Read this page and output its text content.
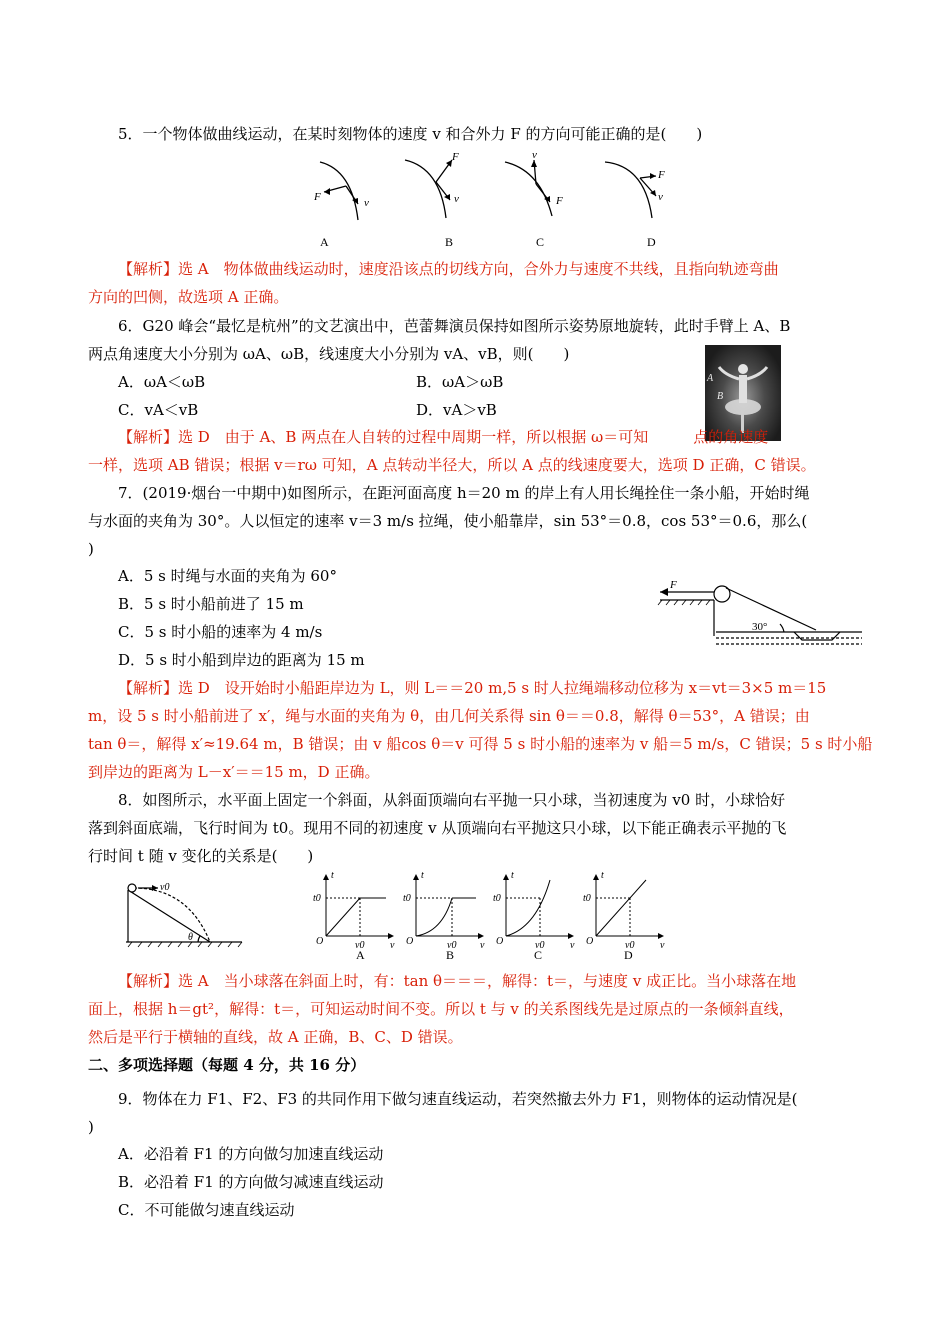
5．一个物体做曲线运动，在某时刻物体的速度 v 和合外力 F 的方向可能正确的是(　　)
F	v
F
v	F
v
F
v
A	B	C	D
【解析】选 A　物体做曲线运动时，速度沿该点的切线方向，合外力与速度不共线，且指向轨迹弯曲
方向的凹侧，故选项 A 正确。
6．G20 峰会“最忆是杭州”的文艺演出中，芭蕾舞演员保持如图所示姿势原地旋转，此时手臂上 A、B
两点角速度大小分别为 ωA、ωB，线速度大小分别为 vA、vB，则(　　)
A．ωA＜ωB	B．ωA＞ωB
C．vA＜vB	D．vA＞vB
A
B
【解析】选 D　由于 A、B 两点在人自转的过程中周期一样，所以根据 ω＝可知　　　点的角速度
一样，选项 AB 错误；根据 v＝rω 可知，A 点转动半径大，所以 A 点的线速度要大，选项 D 正确，C 错误。
7．(2019·烟台一中期中)如图所示，在距河面高度 h＝20 m 的岸上有人用长绳拴住一条小船，开始时绳
与水面的夹角为 30°。人以恒定的速率 v＝3 m/s 拉绳，使小船靠岸，sin 53°＝0.8，cos 53°＝0.6，那么(
)
A．5 s 时绳与水面的夹角为 60°
B．5 s 时小船前进了 15 m
C．5 s 时小船的速率为 4 m/s
D．5 s 时小船到岸边的距离为 15 m
F
30°
【解析】选 D　设开始时小船距岸边为 L，则 L＝＝20 m,5 s 时人拉绳端移动位移为 x＝vt＝3×5 m＝15
m，设 5 s 时小船前进了 x′，绳与水面的夹角为 θ，由几何关系得 sin θ＝＝0.8，解得 θ＝53°，A 错误；由
tan θ＝，解得 x′≈19.64 m，B 错误；由 v 船cos θ＝v 可得 5 s 时小船的速率为 v 船＝5 m/s，C 错误；5 s 时小船
到岸边的距离为 L－x′＝＝15 m，D 正确。
8．如图所示，水平面上固定一个斜面，从斜面顶端向右平抛一只小球，当初速度为 v0 时，小球恰好
落到斜面底端，飞行时间为 t0。现用不同的初速度 v 从顶端向右平抛这只小球，以下能正确表示平抛的飞
行时间 t 随 v 变化的关系是(　　)
v0
θ
t	t	t	t
v	v	v	v
t0	t0	t0	t0
v0	v0	v0	v0
O	O	O	O
A	B	C	D
【解析】选 A　当小球落在斜面上时，有：tan θ＝＝＝，解得：t＝，与速度 v 成正比。当小球落在地
面上，根据 h＝gt²，解得：t＝，可知运动时间不变。所以 t 与 v 的关系图线先是过原点的一条倾斜直线，
然后是平行于横轴的直线，故 A 正确，B、C、D 错误。
二、多项选择题（每题 4 分，共 16 分）
9．物体在力 F1、F2、F3 的共同作用下做匀速直线运动，若突然撤去外力 F1，则物体的运动情况是(
)
A．必沿着 F1 的方向做匀加速直线运动
B．必沿着 F1 的方向做匀减速直线运动
C．不可能做匀速直线运动
